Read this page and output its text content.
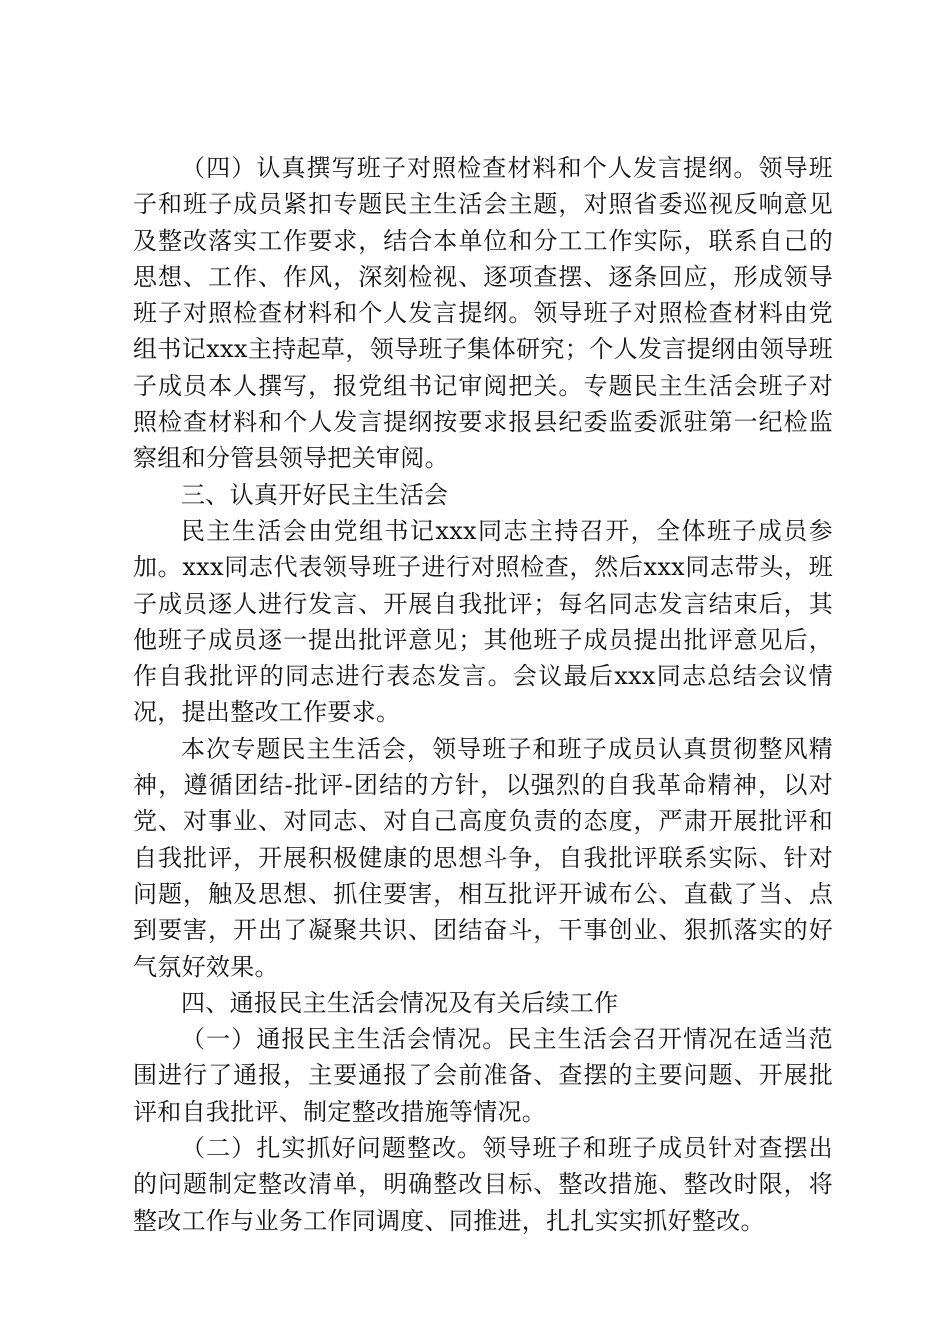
（四）认真撰写班子对照检查材料和个人发言提纲。领导班子和班子成员紧扣专题民主生活会主题，对照省委巡视反响意见及整改落实工作要求，结合本单位和分工工作实际，联系自己的思想、工作、作风，深刻检视、逐项查摆、逐条回应，形成领导班子对照检查材料和个人发言提纲。领导班子对照检查材料由党组书记xxx主持起草，领导班子集体研究；个人发言提纲由领导班子成员本人撰写，报党组书记审阅把关。专题民主生活会班子对照检查材料和个人发言提纲按要求报县纪委监委派驻第一纪检监察组和分管县领导把关审阅。

三、认真开好民主生活会

民主生活会由党组书记xxx同志主持召开，全体班子成员参加。xxx同志代表领导班子进行对照检查，然后xxx同志带头，班子成员逐人进行发言、开展自我批评；每名同志发言结束后，其他班子成员逐一提出批评意见；其他班子成员提出批评意见后，作自我批评的同志进行表态发言。会议最后xxx同志总结会议情况，提出整改工作要求。

本次专题民主生活会，领导班子和班子成员认真贯彻整风精神，遵循团结-批评-团结的方针，以强烈的自我革命精神，以对党、对事业、对同志、对自己高度负责的态度，严肃开展批评和自我批评，开展积极健康的思想斗争，自我批评联系实际、针对问题，触及思想、抓住要害，相互批评开诚布公、直截了当、点到要害，开出了凝聚共识、团结奋斗，干事创业、狠抓落实的好气氛好效果。

四、通报民主生活会情况及有关后续工作

（一）通报民主生活会情况。民主生活会召开情况在适当范围进行了通报，主要通报了会前准备、查摆的主要问题、开展批评和自我批评、制定整改措施等情况。

（二）扎实抓好问题整改。领导班子和班子成员针对查摆出的问题制定整改清单，明确整改目标、整改措施、整改时限，将整改工作与业务工作同调度、同推进，扎扎实实抓好整改。
